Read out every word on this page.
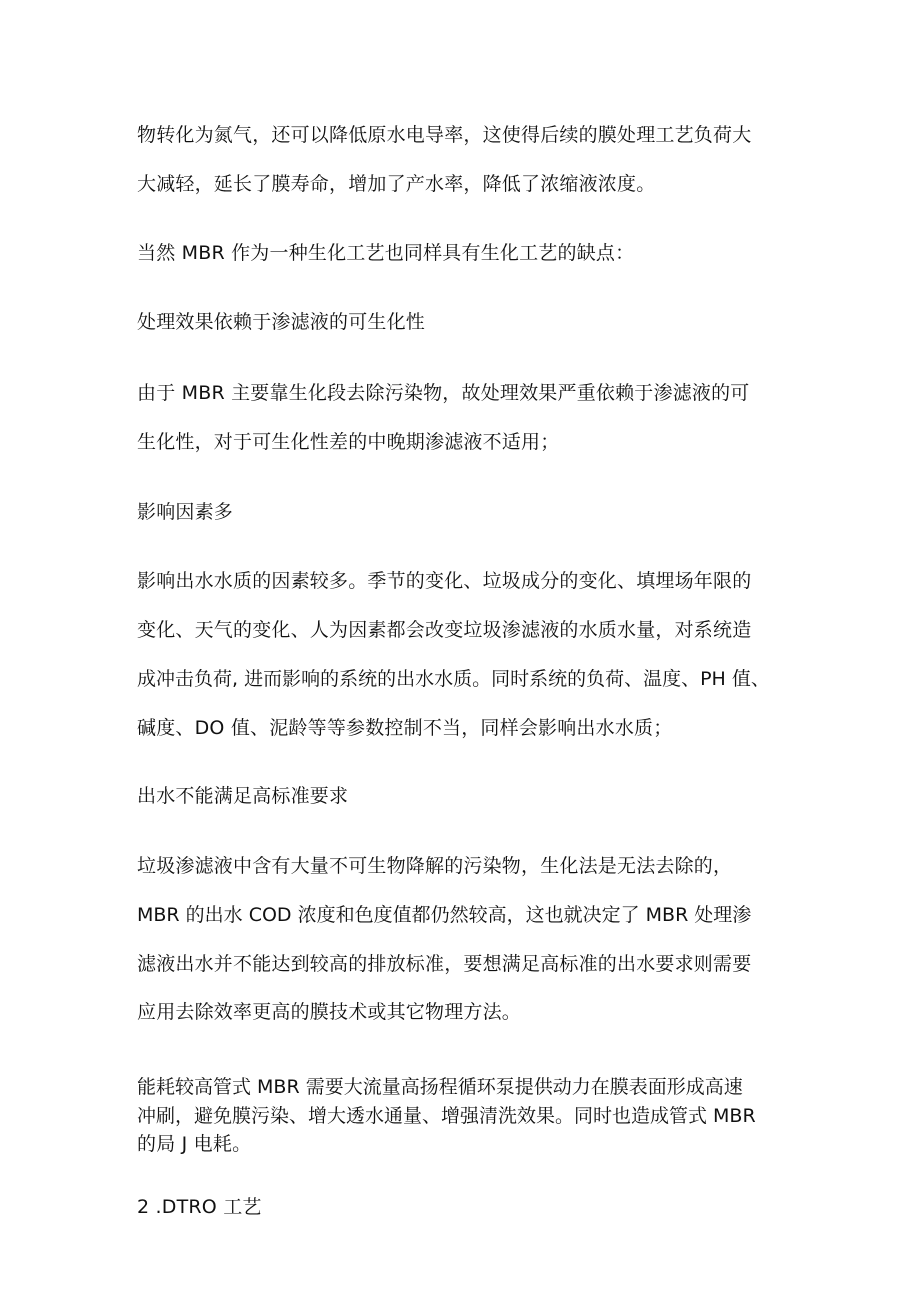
物转化为氮气，还可以降低原水电导率，这使得后续的膜处理工艺负荷大
大减轻，延长了膜寿命，增加了产水率，降低了浓缩液浓度。
当然 MBR 作为一种生化工艺也同样具有生化工艺的缺点：
处理效果依赖于渗滤液的可生化性
由于 MBR 主要靠生化段去除污染物，故处理效果严重依赖于渗滤液的可
生化性，对于可生化性差的中晚期渗滤液不适用；
影响因素多
影响出水水质的因素较多。季节的变化、垃圾成分的变化、填埋场年限的
变化、天气的变化、人为因素都会改变垃圾渗滤液的水质水量，对系统造
成冲击负荷, 进而影响的系统的出水水质。同时系统的负荷、温度、PH 值、
碱度、DO 值、泥龄等等参数控制不当，同样会影响出水水质；
出水不能满足高标准要求
垃圾渗滤液中含有大量不可生物降解的污染物，生化法是无法去除的，
MBR 的出水 COD 浓度和色度值都仍然较高，这也就决定了 MBR 处理渗
滤液出水并不能达到较高的排放标准，要想满足高标准的出水要求则需要
应用去除效率更高的膜技术或其它物理方法。
能耗较高管式 MBR 需要大流量高扬程循环泵提供动力在膜表面形成高速
冲刷，避免膜污染、增大透水通量、增强清洗效果。同时也造成管式 MBR
的局 J 电耗。
2 .DTRO 工艺
